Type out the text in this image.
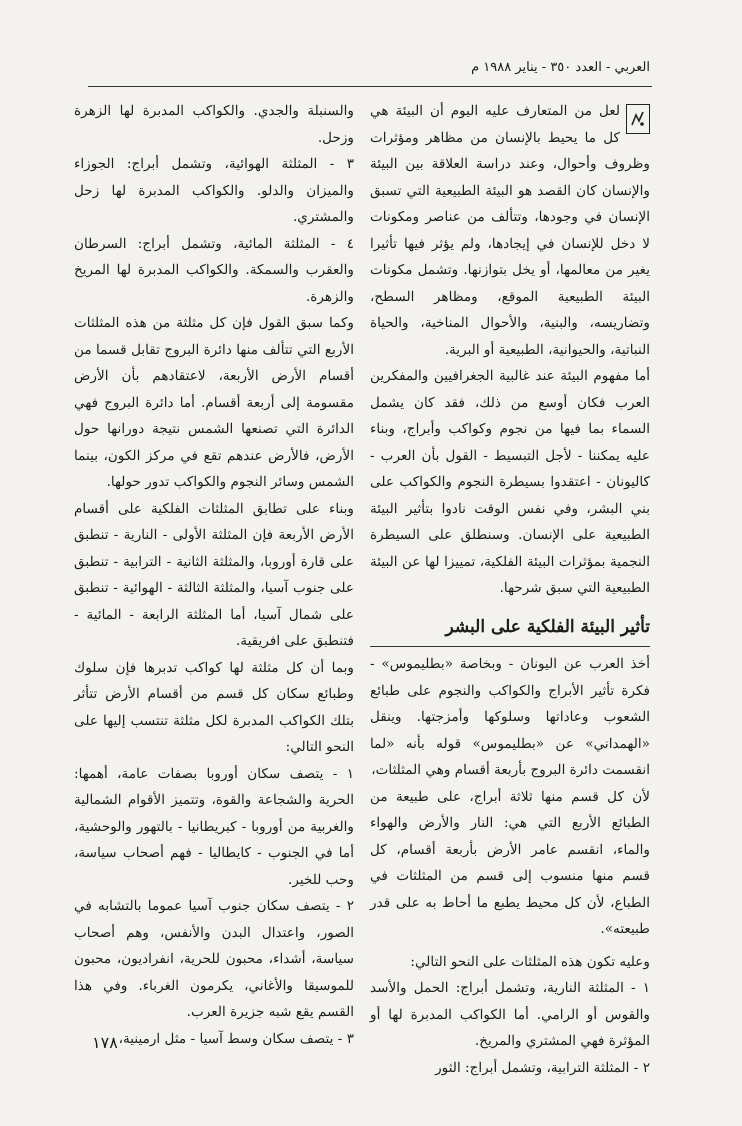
العربي - العدد ٣٥٠ - يناير ١٩٨٨ م

لعل من المتعارف عليه اليوم أن البيئة هي كل ما يحيط بالإنسان من مظاهر ومؤثرات وظروف وأحوال، وعند دراسة العلاقة بين البيئة والإنسان كان القصد هو البيئة الطبيعية التي تسبق الإنسان في وجودها، وتتألف من عناصر ومكونات لا دخل للإنسان في إيجادها، ولم يؤثر فيها تأثيرا يغير من معالمها، أو يخل بتوازنها. وتشمل مكونات البيئة الطبيعية الموقع، ومظاهر السطح، وتضاريسه، والبنية، والأحوال المناخية، والحياة النباتية، والحيوانية، الطبيعية أو البرية.

أما مفهوم البيئة عند غالبية الجغرافيين والمفكرين العرب فكان أوسع من ذلك، فقد كان يشمل السماء بما فيها من نجوم وكواكب وأبراج، وبناء عليه يمكننا - لأجل التبسيط - القول بأن العرب - كاليونان - اعتقدوا بسيطرة النجوم والكواكب على بني البشر، وفي نفس الوقت نادوا بتأثير البيئة الطبيعية على الإنسان. وسنطلق على السيطرة النجمية بمؤثرات البيئة الفلكية، تمييزا لها عن البيئة الطبيعية التي سبق شرحها.

تأثير البيئة الفلكية على البشر

أخذ العرب عن اليونان - وبخاصة «بطليموس» - فكرة تأثير الأبراج والكواكب والنجوم على طبائع الشعوب وعاداتها وسلوكها وأمزجتها. وينقل «الهمداني» عن «بطليموس» قوله بأنه «لما انقسمت دائرة البروج بأربعة أقسام وهي المثلثات،

لأن كل قسم منها ثلاثة أبراج، على طبيعة من الطبائع الأربع التي هي: النار والأرض والهواء والماء، انقسم عامر الأرض بأربعة أقسام، كل قسم منها منسوب إلى قسم من المثلثات في الطباع، لأن كل محيط يطبع ما أحاط به على قدر طبيعته».

وعليه تكون هذه المثلثات على النحو التالي:

١ - المثلثة النارية، وتشمل أبراج: الحمل والأسد والقوس أو الرامي. أما الكواكب المدبرة لها أو المؤثرة فهي المشتري والمريخ.

٢ - المثلثة الترابية، وتشمل أبراج: الثور

والسنبلة والجدي. والكواكب المدبرة لها الزهرة وزحل.

٣ - المثلثة الهوائية، وتشمل أبراج: الجوزاء والميزان والدلو. والكواكب المدبرة لها زحل والمشتري.

٤ - المثلثة المائية، وتشمل أبراج: السرطان والعقرب والسمكة. والكواكب المدبرة لها المريخ والزهرة.

وكما سبق القول فإن كل مثلثة من هذه المثلثات الأربع التي تتألف منها دائرة البروج تقابل قسما من أقسام الأرض الأربعة، لاعتقادهم بأن الأرض مقسومة إلى أربعة أقسام. أما دائرة البروج فهي الدائرة التي تصنعها الشمس نتيجة دورانها حول الأرض، فالأرض عندهم تقع في مركز الكون، بينما الشمس وسائر النجوم والكواكب تدور حولها.

وبناء على تطابق المثلثات الفلكية على أقسام الأرض الأربعة فإن المثلثة الأولى - النارية - تنطبق على قارة أوروبا، والمثلثة الثانية - الترابية - تنطبق على جنوب آسيا، والمثلثة الثالثة - الهوائية - تنطبق على شمال آسيا، أما المثلثة الرابعة - المائية - فتنطبق على افريقية.

وبما أن كل مثلثة لها كواكب تدبرها فإن سلوك وطبائع سكان كل قسم من أقسام الأرض تتأثر بتلك الكواكب المدبرة لكل مثلثة تنتسب إليها على النحو التالي:

١ - يتصف سكان أوروبا بصفات عامة، أهمها: الحرية والشجاعة والقوة، وتتميز الأقوام الشمالية والغربية من أوروبا - كبريطانيا - بالتهور والوحشية، أما في الجنوب - كايطاليا - فهم أصحاب سياسة، وحب للخير.

٢ - يتصف سكان جنوب آسيا عموما بالتشابه في الصور، واعتدال البدن والأنفس، وهم أصحاب سياسة، أشداء، محبون للحرية، انفراديون، محبون للموسيقا والأغاني، يكرمون الغرباء. وفي هذا القسم يقع شبه جزيرة العرب.

٣ - يتصف سكان وسط آسيا - مثل ارمينية،

١٧٨
